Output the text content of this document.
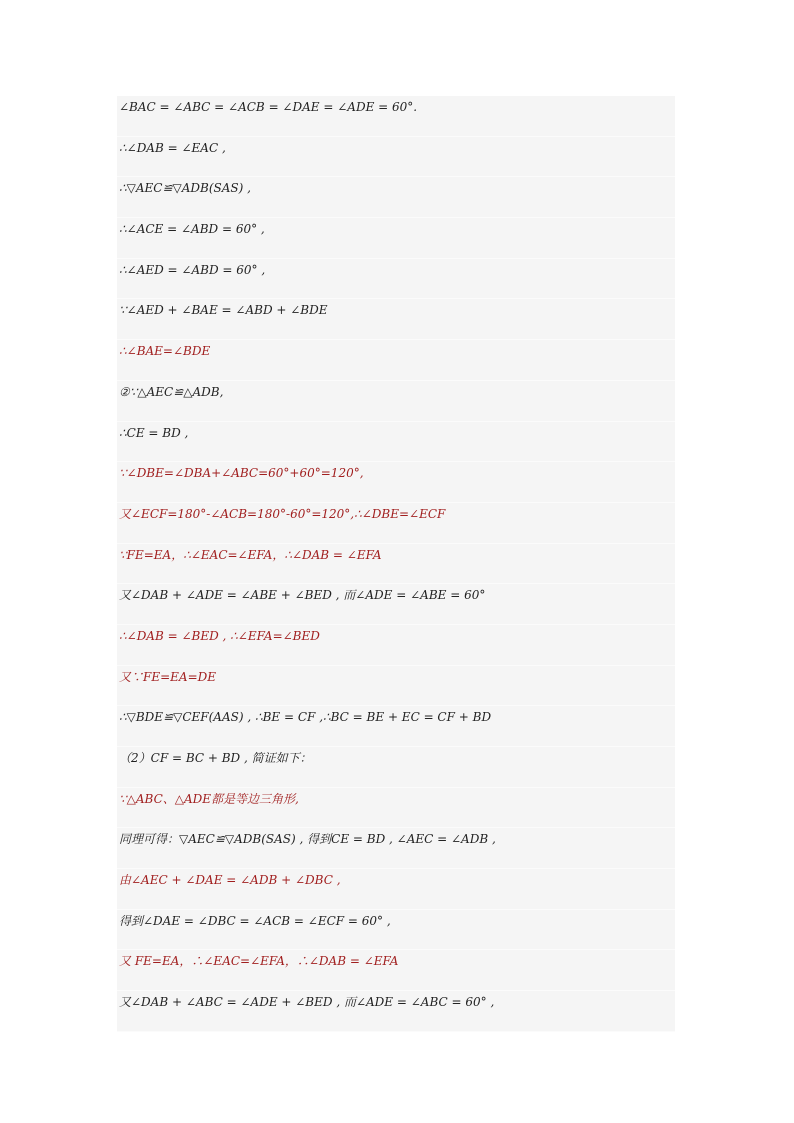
∠BAC = ∠ABC = ∠ACB = ∠DAE = ∠ADE = 60°.
∴∠DAB = ∠EAC ,
∴▽AEC≌▽ADB(SAS) ,
∴∠ACE = ∠ABD = 60° ,
∴∠AED = ∠ABD = 60° ,
∵∠AED + ∠BAE = ∠ABD + ∠BDE
∴∠BAE=∠BDE
②∵△AEC≌△ADB,
∴CE = BD ,
∵∠DBE=∠DBA+∠ABC=60°+60°=120°,
又∠ECF=180°-∠ACB=180°-60°=120°,∴∠DBE=∠ECF
∵FE=EA，∴∠EAC=∠EFA，∴∠DAB = ∠EFA
又∠DAB + ∠ADE = ∠ABE + ∠BED , 而∠ADE = ∠ABE = 60°
∴∠DAB = ∠BED , ∴∠EFA=∠BED
又∵FE=EA=DE
∴▽BDE≌▽CEF(AAS) , ∴BE = CF ,∴BC = BE + EC = CF + BD
（2）CF = BC + BD , 简证如下：
∵△ABC、△ADE都是等边三角形,
同理可得：▽AEC≌▽ADB(SAS) , 得到CE = BD , ∠AEC = ∠ADB ,
由∠AEC + ∠DAE = ∠ADB + ∠DBC ,
得到∠DAE = ∠DBC = ∠ACB = ∠ECF = 60° ,
又 FE=EA，∴∠EAC=∠EFA，∴∠DAB = ∠EFA
又∠DAB + ∠ABC = ∠ADE + ∠BED , 而∠ADE = ∠ABC = 60° ,
